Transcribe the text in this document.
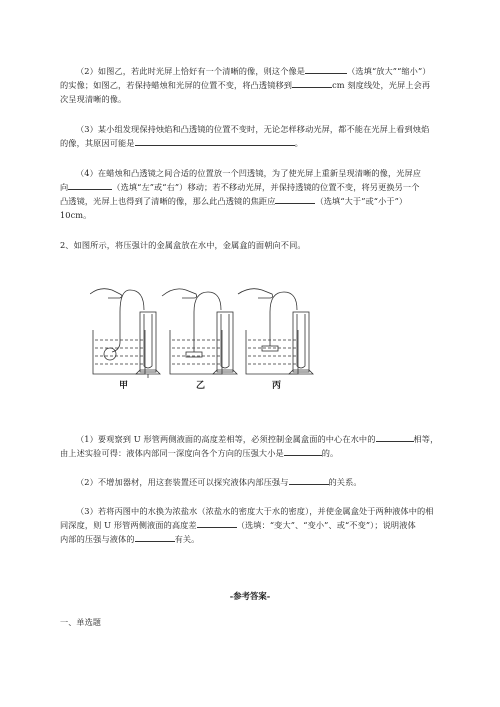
（2）如图乙，若此时光屏上恰好有一个清晰的像，则这个像是	（选填“放大”“缩小”）
的实像；如图乙，若保持蜡烛和光屏的位置不变，将凸透镜移到	cm 刻度线处，光屏上会再
次呈现清晰的像。
（3）某小组发现保持烛焰和凸透镜的位置不变时，无论怎样移动光屏，都不能在光屏上看到烛焰
的像，其原因可能是	。
（4）在蜡烛和凸透镜之间合适的位置放一个凹透镜，为了使光屏上重新呈现清晰的像，光屏应
向	（选填“左”或“右”）移动；若不移动光屏，并保持透镜的位置不变，将另更换另一个
凸透镜，光屏上也得到了清晰的像，那么此凸透镜的焦距应	（选填“大于”或“小于”）
10cm。
2、如图所示，将压强计的金属盒放在水中，金属盒的面朝向不同。
甲	乙	丙
（1）要观察到 U 形管两侧液面的高度差相等，必须控制金属盒面的中心在水中的	相等，
由上述实验可得：液体内部同一深度向各个方向的压强大小是	的。
（2）不增加器材，用这套装置还可以探究液体内部压强与	的关系。
（3）若将丙图中的水换为浓盐水（浓盐水的密度大于水的密度），并使金属盒处于两种液体中的相
同深度，则 U 形管两侧液面的高度差	（选填：“变大”、“变小”、或“不变”）；说明液体
内部的压强与液体的	有关。
-参考答案-
一、单选题
